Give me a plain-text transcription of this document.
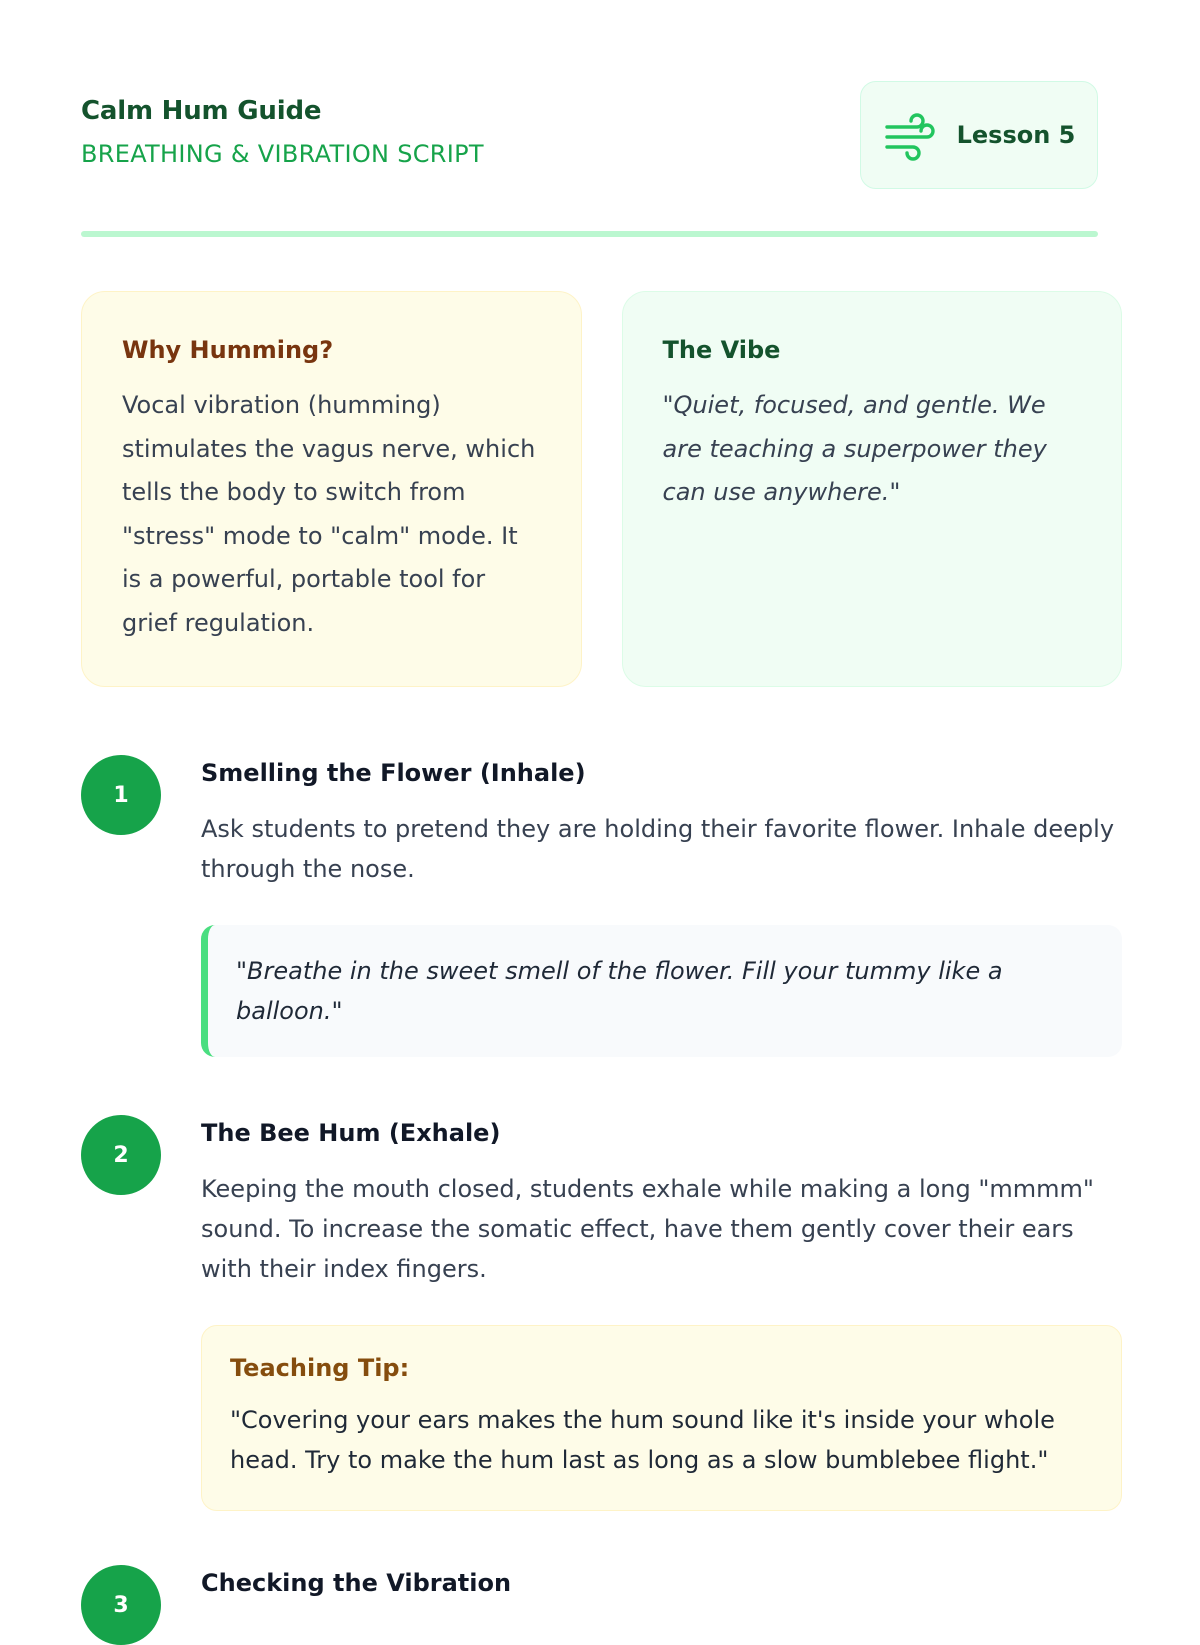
Calm Hum Guide
BREATHING & VIBRATION SCRIPT
Lesson 5
Why Humming?
Vocal vibration (humming) stimulates the vagus nerve, which tells the body to switch from "stress" mode to "calm" mode. It is a powerful, portable tool for grief regulation.
The Vibe
"Quiet, focused, and gentle. We are teaching a superpower they can use anywhere."
1
Smelling the Flower (Inhale)
Ask students to pretend they are holding their favorite flower. Inhale deeply through the nose.
"Breathe in the sweet smell of the flower. Fill your tummy like a balloon."
2
The Bee Hum (Exhale)
Keeping the mouth closed, students exhale while making a long "mmmm" sound. To increase the somatic effect, have them gently cover their ears with their index fingers.
Teaching Tip:
"Covering your ears makes the hum sound like it's inside your whole head. Try to make the hum last as long as a slow bumblebee flight."
3
Checking the Vibration
